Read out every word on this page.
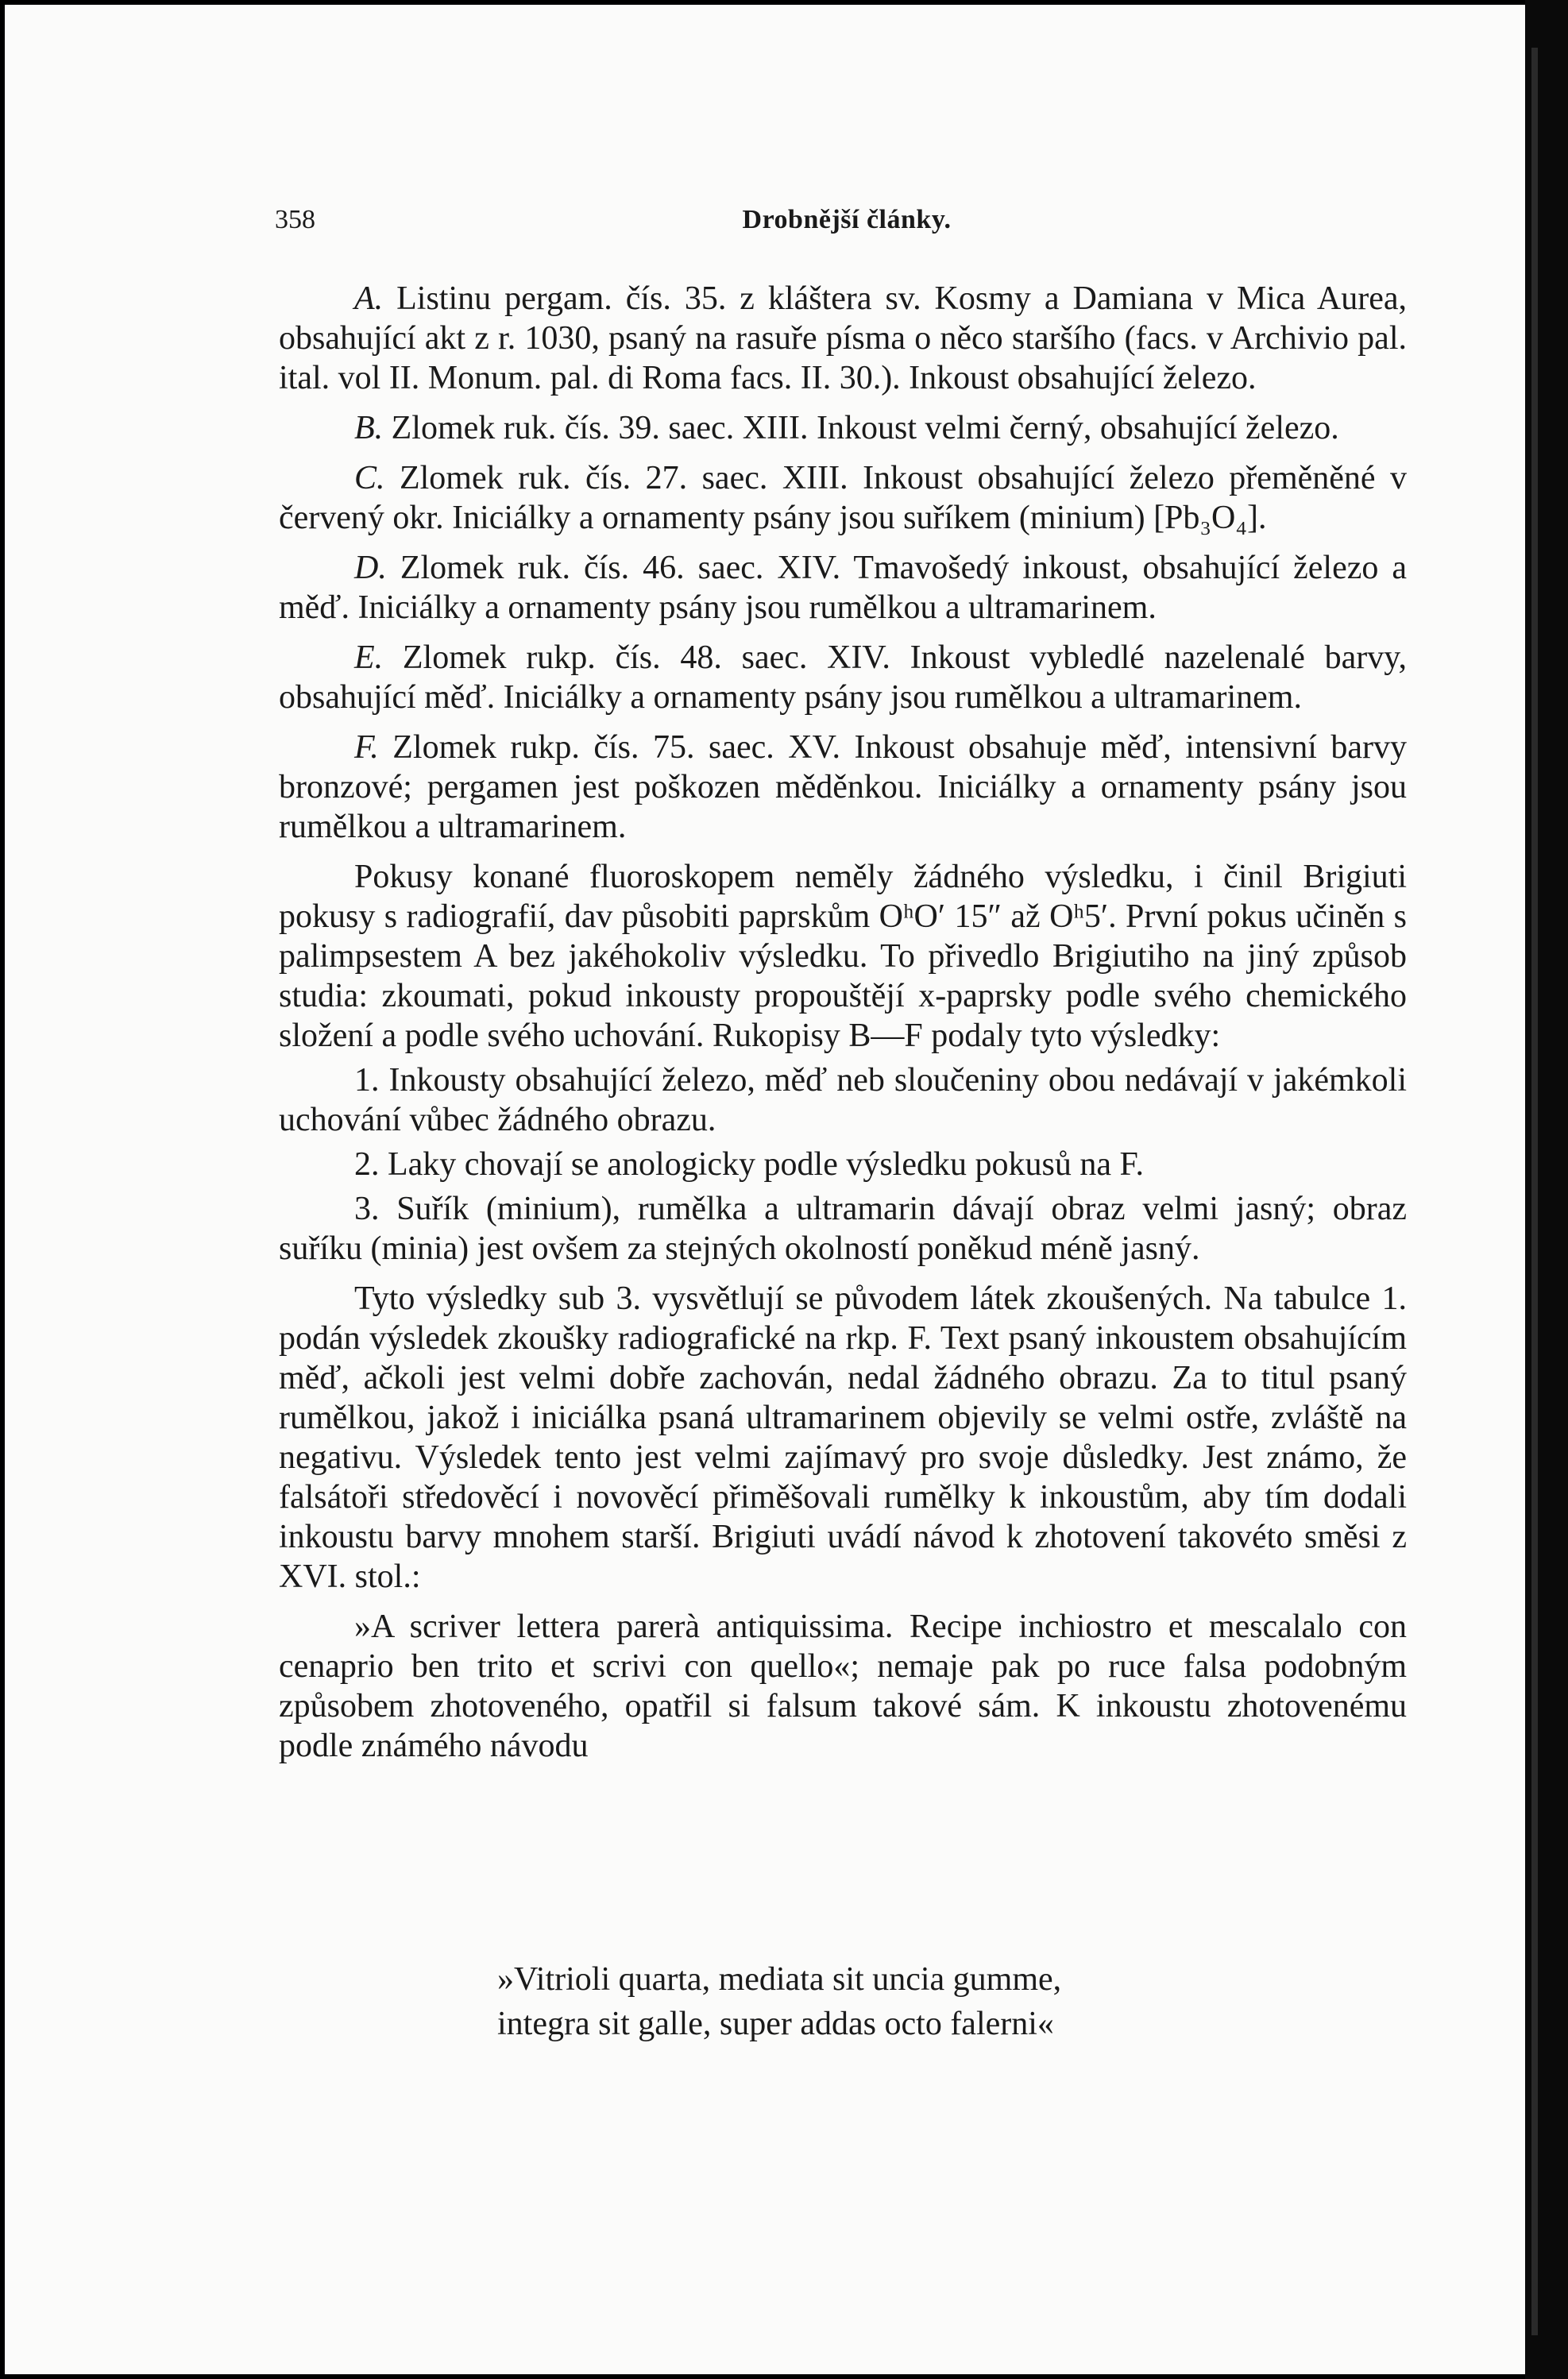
358	Drobnější články.

A. Listinu pergam. čís. 35. z kláštera sv. Kosmy a Damiana v Mica Aurea, obsahující akt z r. 1030, psaný na rasuře písma o něco staršího (facs. v Archivio pal. ital. vol II. Monum. pal. di Roma facs. II. 30.). Inkoust obsahující železo.

B. Zlomek ruk. čís. 39. saec. XIII. Inkoust velmi černý, obsahující železo.

C. Zlomek ruk. čís. 27. saec. XIII. Inkoust obsahující železo přeměněné v červený okr. Iniciálky a ornamenty psány jsou suříkem (minium) [Pb₃O₄].

D. Zlomek ruk. čís. 46. saec. XIV. Tmavošedý inkoust, obsahující železo a měď. Iniciálky a ornamenty psány jsou rumělkou a ultramarinem.

E. Zlomek rukp. čís. 48. saec. XIV. Inkoust vybledlé nazelenalé barvy, obsahující měď. Iniciálky a ornamenty psány jsou rumělkou a ultramarinem.

F. Zlomek rukp. čís. 75. saec. XV. Inkoust obsahuje měď, intensivní barvy bronzové; pergamen jest poškozen měděnkou. Iniciálky a ornamenty psány jsou rumělkou a ultramarinem.

Pokusy konané fluoroskopem neměly žádného výsledku, i činil Brigiuti pokusy s radiografií, dav působiti paprskům OʰO′ 15″ až Oʰ5′. První pokus učiněn s palimpsestem A bez jakéhokoliv výsledku. To přivedlo Brigiutiho na jiný způsob studia: zkoumati, pokud inkousty propouštějí x-paprsky podle svého chemického složení a podle svého uchování. Rukopisy B—F podaly tyto výsledky:

1. Inkousty obsahující železo, měď neb sloučeniny obou nedávají v jakémkoli uchování vůbec žádného obrazu.

2. Laky chovají se anologicky podle výsledku pokusů na F.

3. Suřík (minium), rumělka a ultramarin dávají obraz velmi jasný; obraz suříku (minia) jest ovšem za stejných okolností poněkud méně jasný.

Tyto výsledky sub 3. vysvětlují se původem látek zkoušených. Na tabulce 1. podán výsledek zkoušky radiografické na rkp. F. Text psaný inkoustem obsahujícím měď, ačkoli jest velmi dobře zachován, nedal žádného obrazu. Za to titul psaný rumělkou, jakož i iniciálka psaná ultramarinem objevily se velmi ostře, zvláště na negativu. Výsledek tento jest velmi zajímavý pro svoje důsledky. Jest známo, že falsátoři středověcí i novověcí přiměšovali rumělky k inkoustům, aby tím dodali inkoustu barvy mnohem starší. Brigiuti uvádí návod k zhotovení takovéto směsi z XVI. stol.:

»A scriver lettera parerà antiquissima. Recipe inchiostro et mescalalo con cenaprio ben trito et scrivi con quello«; nemaje pak po ruce falsa podobným způsobem zhotoveného, opatřil si falsum takové sám. K inkoustu zhotovenému podle známého návodu

»Vitrioli quarta, mediata sit uncia gumme,
integra sit galle, super addas octo falerni«
